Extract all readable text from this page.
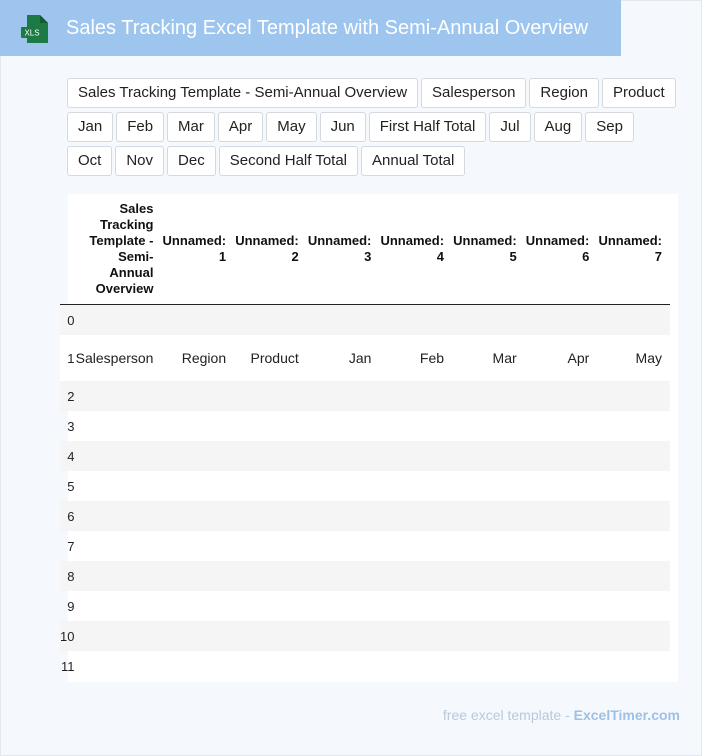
XLS Sales Tracking Excel Template with Semi-Annual Overview
Sales Tracking Template - Semi-Annual Overview	Salesperson	Region	Product
Jan	Feb	Mar	Apr	May	Jun	First Half Total	Jul	Aug	Sep
Oct	Nov	Dec	Second Half Total	Annual Total
	Sales Tracking Template - Semi-Annual Overview	Unnamed: 1	Unnamed: 2	Unnamed: 3	Unnamed: 4	Unnamed: 5	Unnamed: 6	Unnamed: 7
0								
1	Salesperson	Region	Product	Jan	Feb	Mar	Apr	May
2								
3								
4								
5								
6								
7								
8								
9								
10								
11								
free excel template - ExcelTimer.com
